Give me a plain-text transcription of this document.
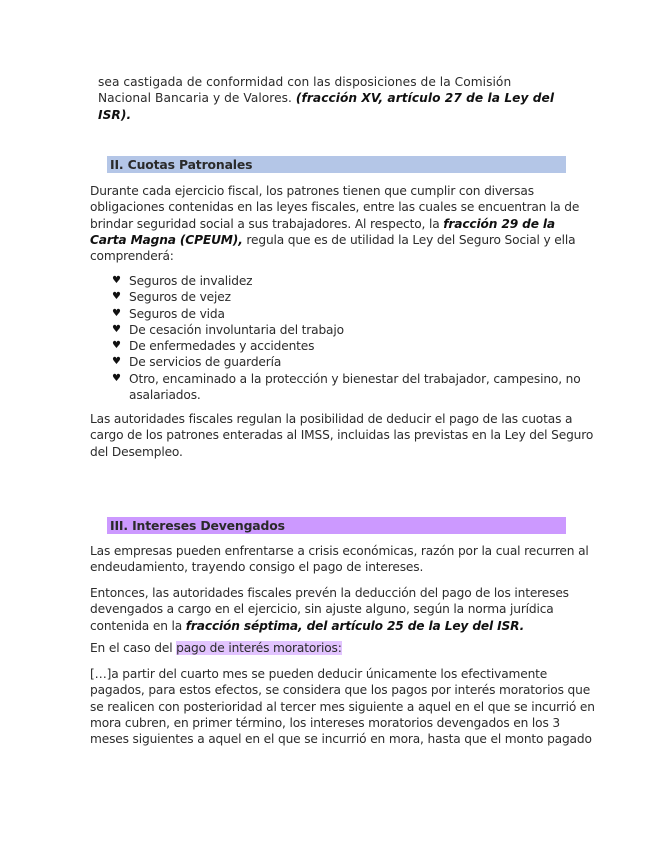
sea castigada de conformidad con las disposiciones de la Comisión Nacional Bancaria y de Valores. (fracción XV, artículo 27 de la Ley del ISR).

II. Cuotas Patronales

Durante cada ejercicio fiscal, los patrones tienen que cumplir con diversas obligaciones contenidas en las leyes fiscales, entre las cuales se encuentran la de brindar seguridad social a sus trabajadores. Al respecto, la fracción 29 de la Carta Magna (CPEUM), regula que es de utilidad la Ley del Seguro Social y ella comprenderá:

♥ Seguros de invalidez
♥ Seguros de vejez
♥ Seguros de vida
♥ De cesación involuntaria del trabajo
♥ De enfermedades y accidentes
♥ De servicios de guardería
♥ Otro, encaminado a la protección y bienestar del trabajador, campesino, no asalariados.

Las autoridades fiscales regulan la posibilidad de deducir el pago de las cuotas a cargo de los patrones enteradas al IMSS, incluidas las previstas en la Ley del Seguro del Desempleo.

III. Intereses Devengados

Las empresas pueden enfrentarse a crisis económicas, razón por la cual recurren al endeudamiento, trayendo consigo el pago de intereses.

Entonces, las autoridades fiscales prevén la deducción del pago de los intereses devengados a cargo en el ejercicio, sin ajuste alguno, según la norma jurídica contenida en la fracción séptima, del artículo 25 de la Ley del ISR.

En el caso del pago de interés moratorios:

[…]a partir del cuarto mes se pueden deducir únicamente los efectivamente pagados, para estos efectos, se considera que los pagos por interés moratorios que se realicen con posterioridad al tercer mes siguiente a aquel en el que se incurrió en mora cubren, en primer término, los intereses moratorios devengados en los 3 meses siguientes a aquel en el que se incurrió en mora, hasta que el monto pagado
